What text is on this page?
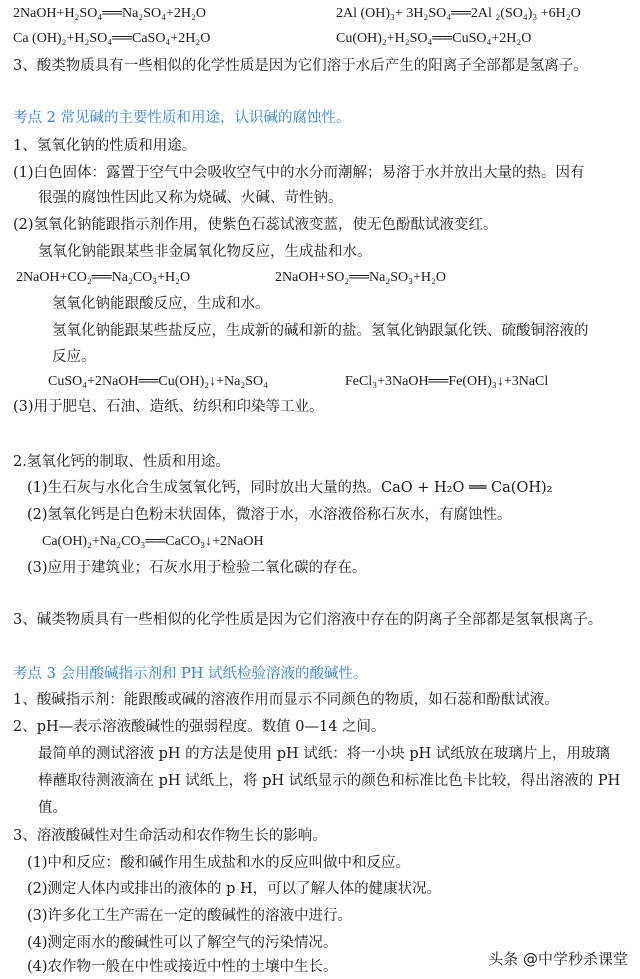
2NaOH+H₂SO₄══Na₂SO₄+2H₂O	2Al (OH)₃+ 3H₂SO₄══2Al ₂(SO₄)₃ +6H₂O
Ca (OH)₂+H₂SO₄══CaSO₄+2H₂O	Cu(OH)₂+H₂SO₄══CuSO₄+2H₂O
3、酸类物质具有一些相似的化学性质是因为它们溶于水后产生的阳离子全部都是氢离子。
考点 2 常见碱的主要性质和用途，认识碱的腐蚀性。
1、氢氧化钠的性质和用途。
(1)白色固体：露置于空气中会吸收空气中的水分而潮解；易溶于水并放出大量的热。因有
很强的腐蚀性因此又称为烧碱、火碱、苛性钠。
(2)氢氧化钠能跟指示剂作用，使紫色石蕊试液变蓝，使无色酚酞试液变红。
氢氧化钠能跟某些非金属氧化物反应，生成盐和水。
2NaOH+CO₂══Na₂CO₃+H₂O	2NaOH+SO₂══Na₂SO₃+H₂O
氢氧化钠能跟酸反应，生成和水。
氢氧化钠能跟某些盐反应，生成新的碱和新的盐。氢氧化钠跟氯化铁、硫酸铜溶液的
反应。
CuSO₄+2NaOH══Cu(OH)₂↓+Na₂SO₄	FeCl₃+3NaOH══Fe(OH)₃↓+3NaCl
(3)用于肥皂、石油、造纸、纺织和印染等工业。
2.氢氧化钙的制取、性质和用途。
(1)生石灰与水化合生成氢氧化钙，同时放出大量的热。CaO + H₂O ══ Ca(OH)₂
(2)氢氧化钙是白色粉末状固体，微溶于水，水溶液俗称石灰水，有腐蚀性。
Ca(OH)₂+Na₂CO₃══CaCO₃↓+2NaOH
(3)应用于建筑业；石灰水用于检验二氧化碳的存在。
3、碱类物质具有一些相似的化学性质是因为它们溶液中存在的阴离子全部都是氢氧根离子。
考点 3 会用酸碱指示剂和 PH 试纸检验溶液的酸碱性。
1、酸碱指示剂：能跟酸或碱的溶液作用而显示不同颜色的物质，如石蕊和酚酞试液。
2、pH—表示溶液酸碱性的强弱程度。数值 0—14 之间。
最简单的测试溶液 pH 的方法是使用 pH 试纸：将一小块 pH 试纸放在玻璃片上，用玻璃
棒蘸取待测液滴在 pH 试纸上，将 pH 试纸显示的颜色和标准比色卡比较，得出溶液的 PH
值。
3、溶液酸碱性对生命活动和农作物生长的影响。
(1)中和反应：酸和碱作用生成盐和水的反应叫做中和反应。
(2)测定人体内或排出的液体的 p H，可以了解人体的健康状况。
(3)许多化工生产需在一定的酸碱性的溶液中进行。
(4)测定雨水的酸碱性可以了解空气的污染情况。
(4)农作物一般在中性或接近中性的土壤中生长。	头条 @中学秒杀课堂
